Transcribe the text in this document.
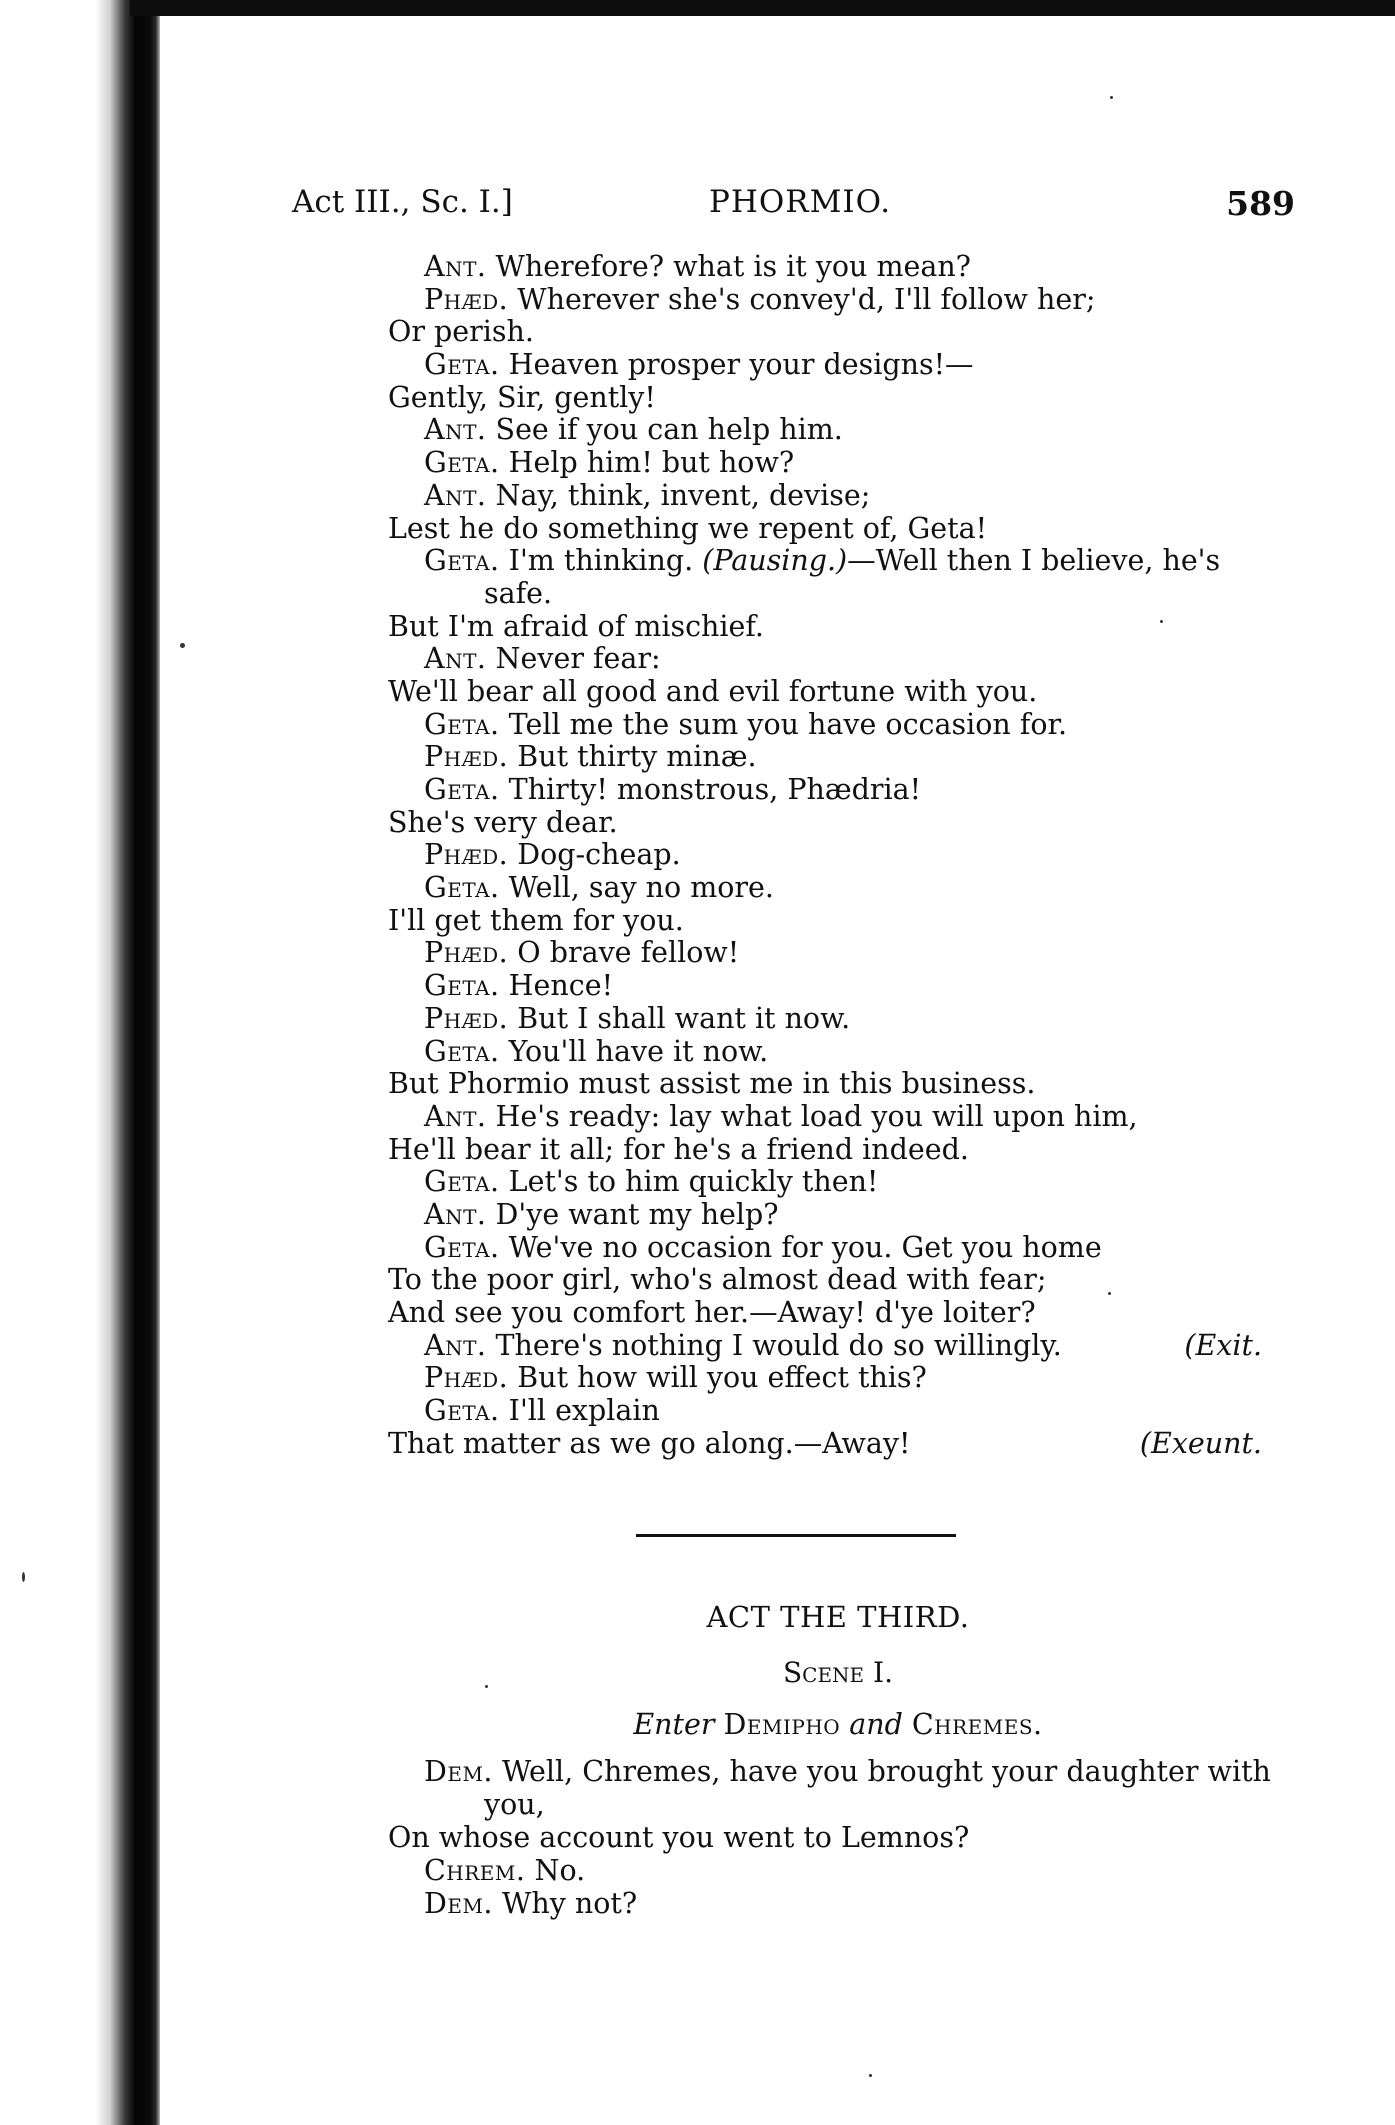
Act III., Sc. I.]	PHORMIO.	589
Ant. Wherefore? what is it you mean?
Phæd. Wherever she's convey'd, I'll follow her;
Or perish.
Geta. Heaven prosper your designs!—
Gently, Sir, gently!
Ant. See if you can help him.
Geta. Help him! but how?
Ant. Nay, think, invent, devise;
Lest he do something we repent of, Geta!
Geta. I'm thinking. (Pausing.)—Well then I believe, he's
safe.
But I'm afraid of mischief.
Ant. Never fear:
We'll bear all good and evil fortune with you.
Geta. Tell me the sum you have occasion for.
Phæd. But thirty minæ.
Geta. Thirty! monstrous, Phædria!
She's very dear.
Phæd. Dog-cheap.
Geta. Well, say no more.
I'll get them for you.
Phæd. O brave fellow!
Geta. Hence!
Phæd. But I shall want it now.
Geta. You'll have it now.
But Phormio must assist me in this business.
Ant. He's ready: lay what load you will upon him,
He'll bear it all; for he's a friend indeed.
Geta. Let's to him quickly then!
Ant. D'ye want my help?
Geta. We've no occasion for you. Get you home
To the poor girl, who's almost dead with fear;
And see you comfort her.—Away! d'ye loiter?
Ant. There's nothing I would do so willingly.	(Exit.
Phæd. But how will you effect this?
Geta. I'll explain
That matter as we go along.—Away!	(Exeunt.
ACT THE THIRD.
Scene I.
Enter Demipho and Chremes.
Dem. Well, Chremes, have you brought your daughter with
you,
On whose account you went to Lemnos?
Chrem. No.
Dem. Why not?
